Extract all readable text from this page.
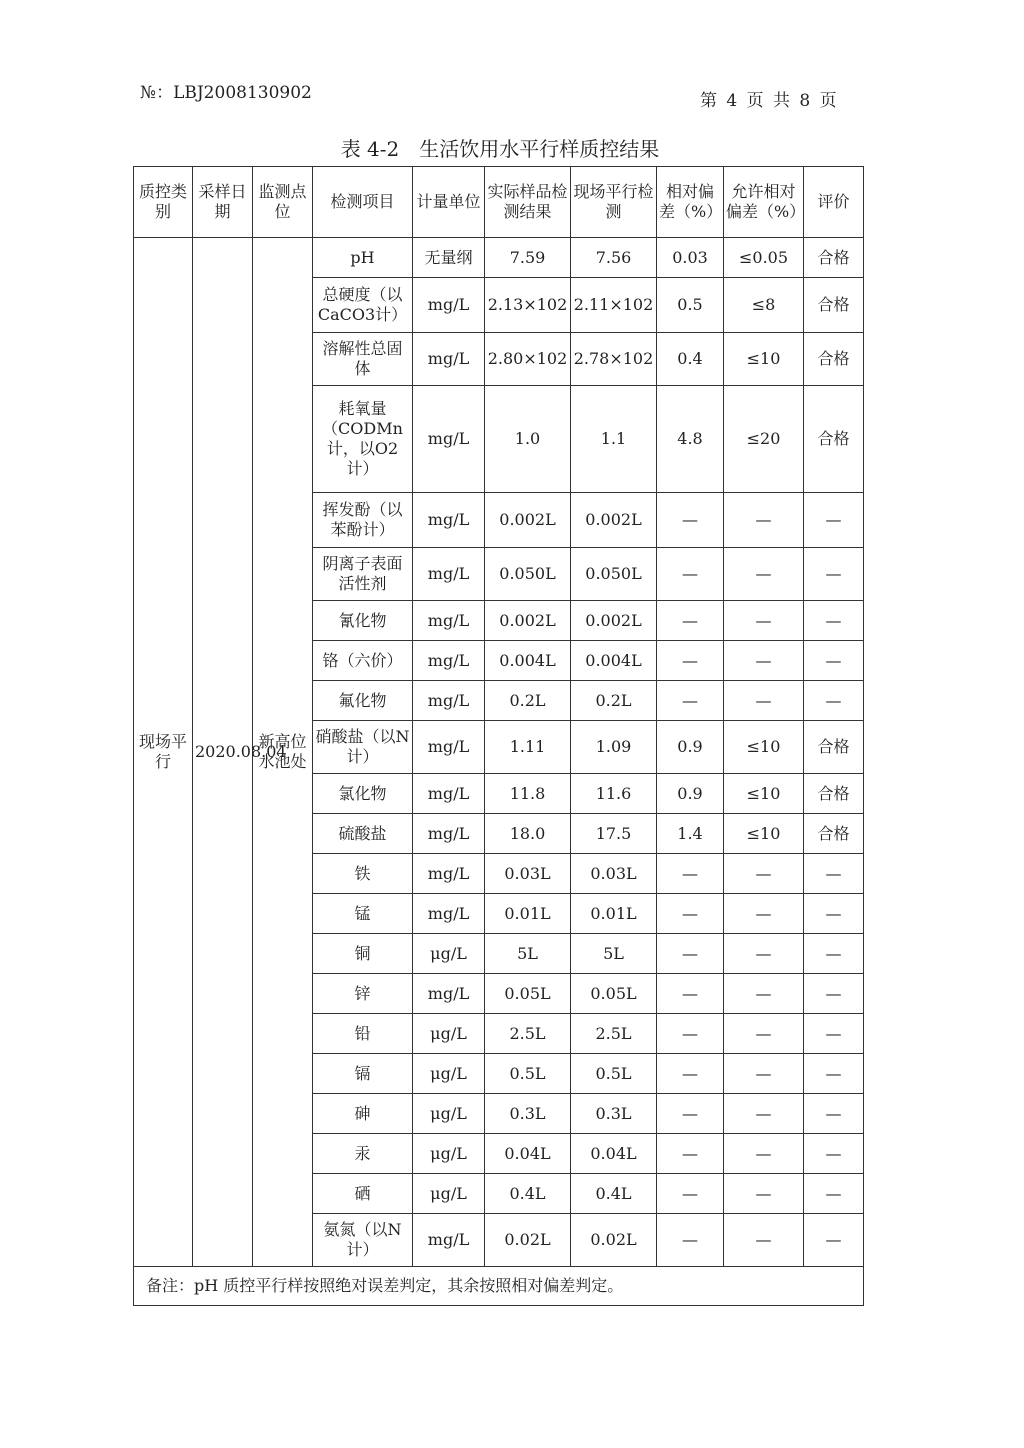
№：LBJ2008130902	第 4 页 共 8 页
表 4-2　生活饮用水平行样质控结果
质控类别	采样日期	监测点位	检测项目	计量单位	实际样品检测结果	现场平行检测	相对偏差（%）	允许相对偏差（%）	评价
现场平行	2020.08.04	新高位水池处	pH	无量纲	7.59	7.56	0.03	≤0.05	合格
			总硬度（以CaCO3计）	mg/L	2.13×102	2.11×102	0.5	≤8	合格
			溶解性总固体	mg/L	2.80×102	2.78×102	0.4	≤10	合格
			耗氧量（CODMn计，以O2计）	mg/L	1.0	1.1	4.8	≤20	合格
			挥发酚（以苯酚计）	mg/L	0.002L	0.002L	—	—	—
			阴离子表面活性剂	mg/L	0.050L	0.050L	—	—	—
			氰化物	mg/L	0.002L	0.002L	—	—	—
			铬（六价）	mg/L	0.004L	0.004L	—	—	—
			氟化物	mg/L	0.2L	0.2L	—	—	—
			硝酸盐（以N计）	mg/L	1.11	1.09	0.9	≤10	合格
			氯化物	mg/L	11.8	11.6	0.9	≤10	合格
			硫酸盐	mg/L	18.0	17.5	1.4	≤10	合格
			铁	mg/L	0.03L	0.03L	—	—	—
			锰	mg/L	0.01L	0.01L	—	—	—
			铜	μg/L	5L	5L	—	—	—
			锌	mg/L	0.05L	0.05L	—	—	—
			铅	μg/L	2.5L	2.5L	—	—	—
			镉	μg/L	0.5L	0.5L	—	—	—
			砷	μg/L	0.3L	0.3L	—	—	—
			汞	μg/L	0.04L	0.04L	—	—	—
			硒	μg/L	0.4L	0.4L	—	—	—
			氨氮（以N计）	mg/L	0.02L	0.02L	—	—	—
备注：pH 质控平行样按照绝对误差判定，其余按照相对偏差判定。									
